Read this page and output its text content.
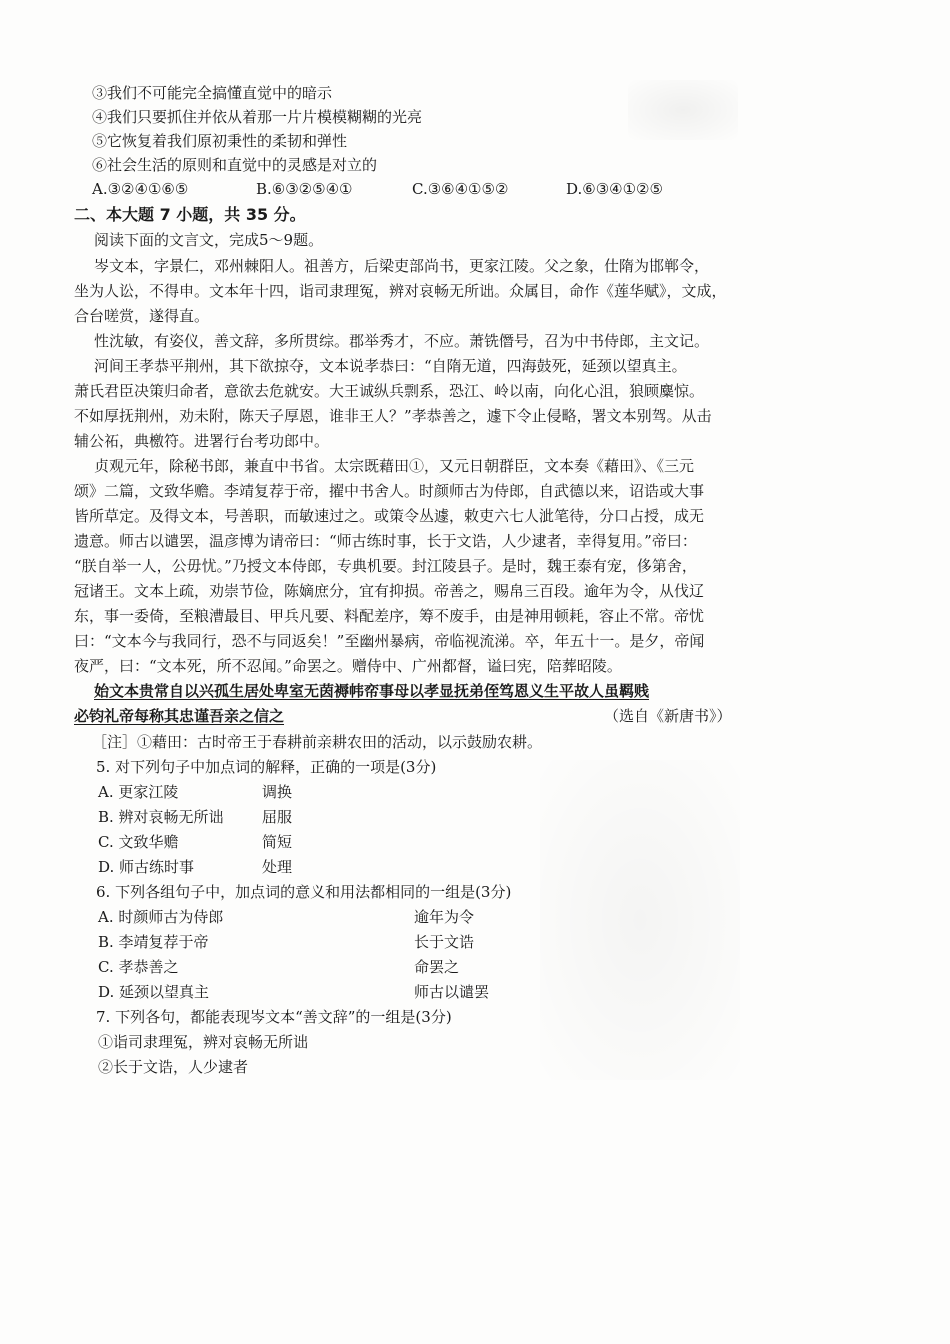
③我们不可能完全搞懂直觉中的暗示
④我们只要抓住并依从着那一片片模模糊糊的光亮
⑤它恢复着我们原初秉性的柔韧和弹性
⑥社会生活的原则和直觉中的灵感是对立的
A.③②④①⑥⑤	B.⑥③②⑤④①	C.③⑥④①⑤②	D.⑥③④①②⑤
二、本大题 7 小题，共 35 分。
阅读下面的文言文，完成5～9题。
岑文本，字景仁，邓州棘阳人。祖善方，后梁吏部尚书，更家江陵。父之象，仕隋为邯郸令，
坐为人讼，不得申。文本年十四，诣司隶理冤，辨对哀畅无所诎。众属目，命作《莲华赋》，文成，
合台嗟赏，遂得直。
性沈敏，有姿仪，善文辞，多所贯综。郡举秀才，不应。萧铣僭号，召为中书侍郎，主文记。
河间王孝恭平荆州，其下欲掠夺，文本说孝恭曰：“自隋无道，四海鼓死，延颈以望真主。
萧氏君臣决策归命者，意欲去危就安。大王诚纵兵剽系，恐江、岭以南，向化心沮，狼顾麋惊。
不如厚抚荆州，劝未附，陈天子厚恩，谁非王人？”孝恭善之，遽下令止侵略，署文本别驾。从击
辅公祏，典檄符。进署行台考功郎中。
贞观元年，除秘书郎，兼直中书省。太宗既藉田①，又元日朝群臣，文本奏《藉田》、《三元
颂》二篇，文致华赡。李靖复荐于帝，擢中书舍人。时颜师古为侍郎，自武德以来，诏诰或大事
皆所草定。及得文本，号善职，而敏速过之。或策令丛遽，敕吏六七人泚笔待，分口占授，成无
遗意。师古以谴罢，温彦博为请帝曰：“师古练时事，长于文诰，人少逮者，幸得复用。”帝曰：
“朕自举一人，公毋忧。”乃授文本侍郎，专典机要。封江陵县子。是时，魏王泰有宠，侈第舍，
冠诸王。文本上疏，劝崇节俭，陈嫡庶分，宜有抑损。帝善之，赐帛三百段。逾年为令，从伐辽
东，事一委倚，至粮漕最目、甲兵凡要、料配差序，筹不废手，由是神用顿耗，容止不常。帝忧
曰：“文本今与我同行，恐不与同返矣！”至幽州暴病，帝临视流涕。卒，年五十一。是夕，帝闻
夜严，曰：“文本死，所不忍闻。”命罢之。赠侍中、广州都督，谥曰宪，陪葬昭陵。
始文本贵常自以兴孤生居处卑室无茵褥帏帟事母以孝显抚弟侄笃恩义生平故人虽羁贱
必钧礼帝每称其忠谨吾亲之信之	（选自《新唐书》）
［注］①藉田：古时帝王于春耕前亲耕农田的活动，以示鼓励农耕。
5. 对下列句子中加点词的解释，正确的一项是(3分)
A. 更家江陵	调换
B. 辨对哀畅无所诎	屈服
C. 文致华赡	简短
D. 师古练时事	处理
6. 下列各组句子中，加点词的意义和用法都相同的一组是(3分)
A. 时颜师古为侍郎	逾年为令
B. 李靖复荐于帝	长于文诰
C. 孝恭善之	命罢之
D. 延颈以望真主	师古以谴罢
7. 下列各句，都能表现岑文本“善文辞”的一组是(3分)
①诣司隶理冤，辨对哀畅无所诎
②长于文诰，人少逮者
